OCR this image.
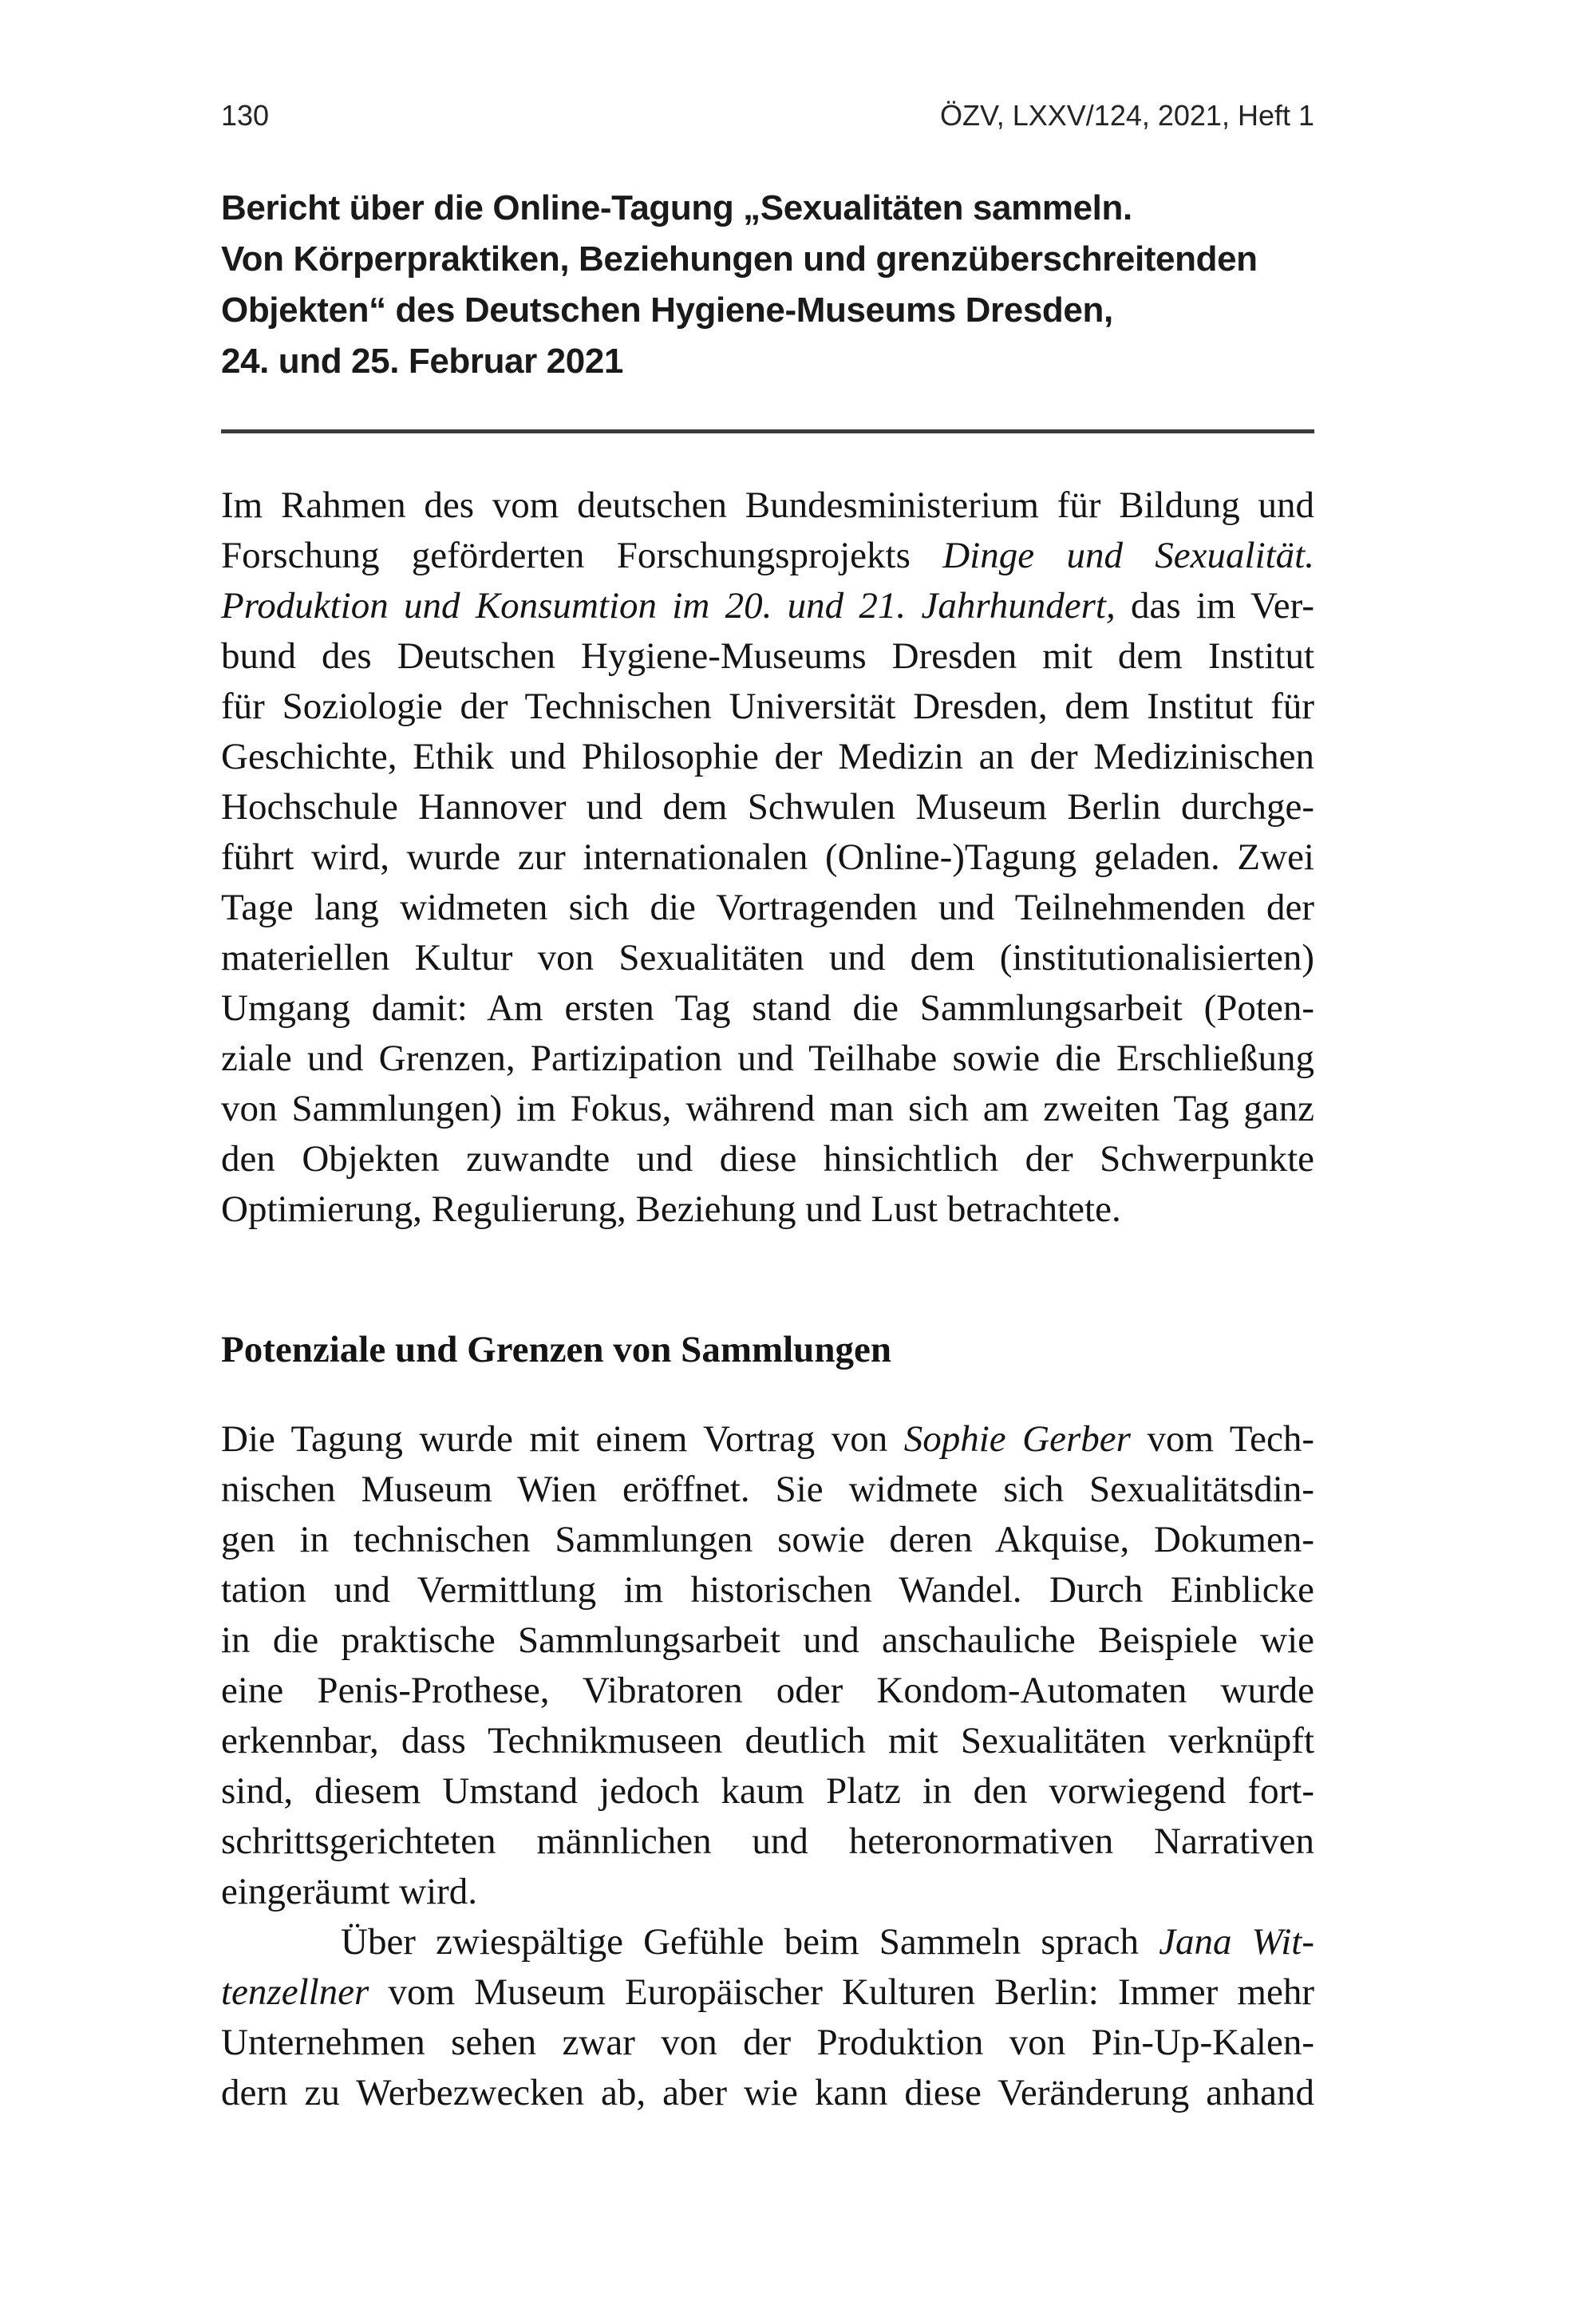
130	ÖZV, LXXV/124, 2021, Heft 1
Bericht über die Online-Tagung „Sexualitäten sammeln.
Von Körperpraktiken, Beziehungen und grenzüberschreitenden
Objekten“ des Deutschen Hygiene-Museums Dresden,
24. und 25. Februar 2021
Im Rahmen des vom deutschen Bundesministerium für Bildung und
Forschung geförderten Forschungsprojekts Dinge und Sexualität.
Produktion und Konsumtion im 20. und 21. Jahrhundert, das im Ver-
bund des Deutschen Hygiene-Museums Dresden mit dem Institut
für Soziologie der Technischen Universität Dresden, dem Institut für
Geschichte, Ethik und Philosophie der Medizin an der Medizinischen
Hochschule Hannover und dem Schwulen Museum Berlin durchge-
führt wird, wurde zur internationalen (Online-)Tagung geladen. Zwei
Tage lang widmeten sich die Vortragenden und Teilnehmenden der
materiellen Kultur von Sexualitäten und dem (institutionalisierten)
Umgang damit: Am ersten Tag stand die Sammlungsarbeit (Poten-
ziale und Grenzen, Partizipation und Teilhabe sowie die Erschließung
von Sammlungen) im Fokus, während man sich am zweiten Tag ganz
den Objekten zuwandte und diese hinsichtlich der Schwerpunkte
Optimierung, Regulierung, Beziehung und Lust betrachtete.
Potenziale und Grenzen von Sammlungen
Die Tagung wurde mit einem Vortrag von Sophie Gerber vom Tech-
nischen Museum Wien eröffnet. Sie widmete sich Sexualitätsdin-
gen in technischen Sammlungen sowie deren Akquise, Dokumen-
tation und Vermittlung im historischen Wandel. Durch Einblicke
in die praktische Sammlungsarbeit und anschauliche Beispiele wie
eine Penis-Prothese, Vibratoren oder Kondom-Automaten wurde
erkennbar, dass Technikmuseen deutlich mit Sexualitäten verknüpft
sind, diesem Umstand jedoch kaum Platz in den vorwiegend fort-
schrittsgerichteten männlichen und heteronormativen Narrativen
eingeräumt wird.
Über zwiespältige Gefühle beim Sammeln sprach Jana Wit-
tenzellner vom Museum Europäischer Kulturen Berlin: Immer mehr
Unternehmen sehen zwar von der Produktion von Pin-Up-Kalen-
dern zu Werbezwecken ab, aber wie kann diese Veränderung anhand
